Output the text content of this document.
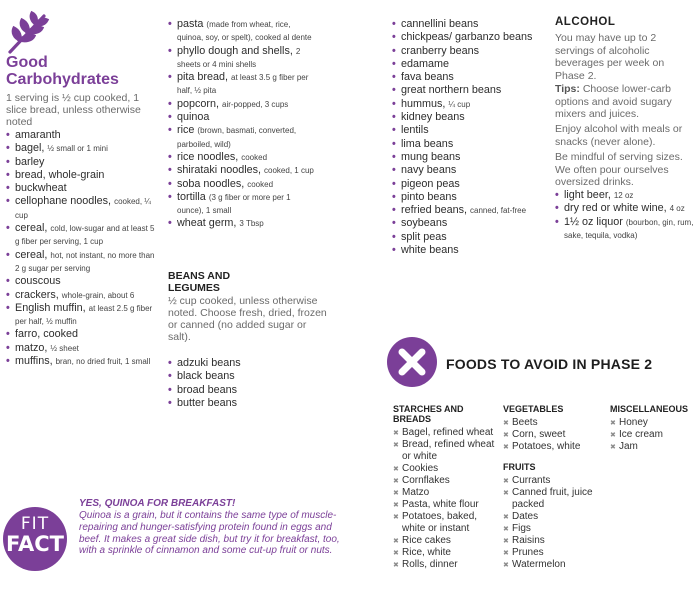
Good
Carbohydrates
1 serving is ½ cup cooked, 1 slice bread, unless otherwise noted
• amaranth
• bagel, ½ small or 1 mini
• barley
• bread, whole-grain
• buckwheat
• cellophane noodles, cooked, ¼ cup
• cereal, cold, low-sugar and at least 5 g fiber per serving, 1 cup
• cereal, hot, not instant, no more than 2 g sugar per serving
• couscous
• crackers, whole-grain, about 6
• English muffin, at least 2.5 g fiber per half, ½ muffin
• farro, cooked
• matzo, ½ sheet
• muffins, bran, no dried fruit, 1 small
• pasta (made from wheat, rice, quinoa, soy, or spelt), cooked al dente
• phyllo dough and shells, 2 sheets or 4 mini shells
• pita bread, at least 3.5 g fiber per half, ½ pita
• popcorn, air-popped, 3 cups
• quinoa
• rice (brown, basmati, converted, parboiled, wild)
• rice noodles, cooked
• shirataki noodles, cooked, 1 cup
• soba noodles, cooked
• tortilla (3 g fiber or more per 1 ounce), 1 small
• wheat germ, 3 Tbsp
BEANS AND
LEGUMES
½ cup cooked, unless otherwise noted. Choose fresh, dried, frozen or canned (no added sugar or salt).
• adzuki beans
• black beans
• broad beans
• butter beans
• cannellini beans
• chickpeas/ garbanzo beans
• cranberry beans
• edamame
• fava beans
• great northern beans
• hummus, ¼ cup
• kidney beans
• lentils
• lima beans
• mung beans
• navy beans
• pigeon peas
• pinto beans
• refried beans, canned, fat-free
• soybeans
• split peas
• white beans
ALCOHOL

You may have up to 2 servings of alcoholic beverages per week on Phase 2.

Tips: Choose lower-carb options and avoid sugary mixers and juices.

Enjoy alcohol with meals or snacks (never alone).

Be mindful of serving sizes. We often pour ourselves oversized drinks.

• light beer, 12 oz
• dry red or white wine, 4 oz
• 1½ oz liquor (bourbon, gin, rum, sake, tequila, vodka)
FOODS TO AVOID IN PHASE 2
STARCHES AND BREADS
✖ Bagel, refined wheat
✖ Bread, refined wheat or white
✖ Cookies
✖ Cornflakes
✖ Matzo
✖ Pasta, white flour
✖ Potatoes, baked, white or instant
✖ Rice cakes
✖ Rice, white
✖ Rolls, dinner
VEGETABLES
✖ Beets
✖ Corn, sweet
✖ Potatoes, white
FRUITS
✖ Currants
✖ Canned fruit, juice packed
✖ Dates
✖ Figs
✖ Raisins
✖ Prunes
✖ Watermelon
MISCELLANEOUS
✖ Honey
✖ Ice cream
✖ Jam
FIT
FACT
YES, QUINOA FOR BREAKFAST!

Quinoa is a grain, but it contains the same type of muscle-repairing and hunger-satisfying protein found in eggs and beef. It makes a great side dish, but try it for breakfast, too, with a sprinkle of cinnamon and some cut-up fruit or nuts.
